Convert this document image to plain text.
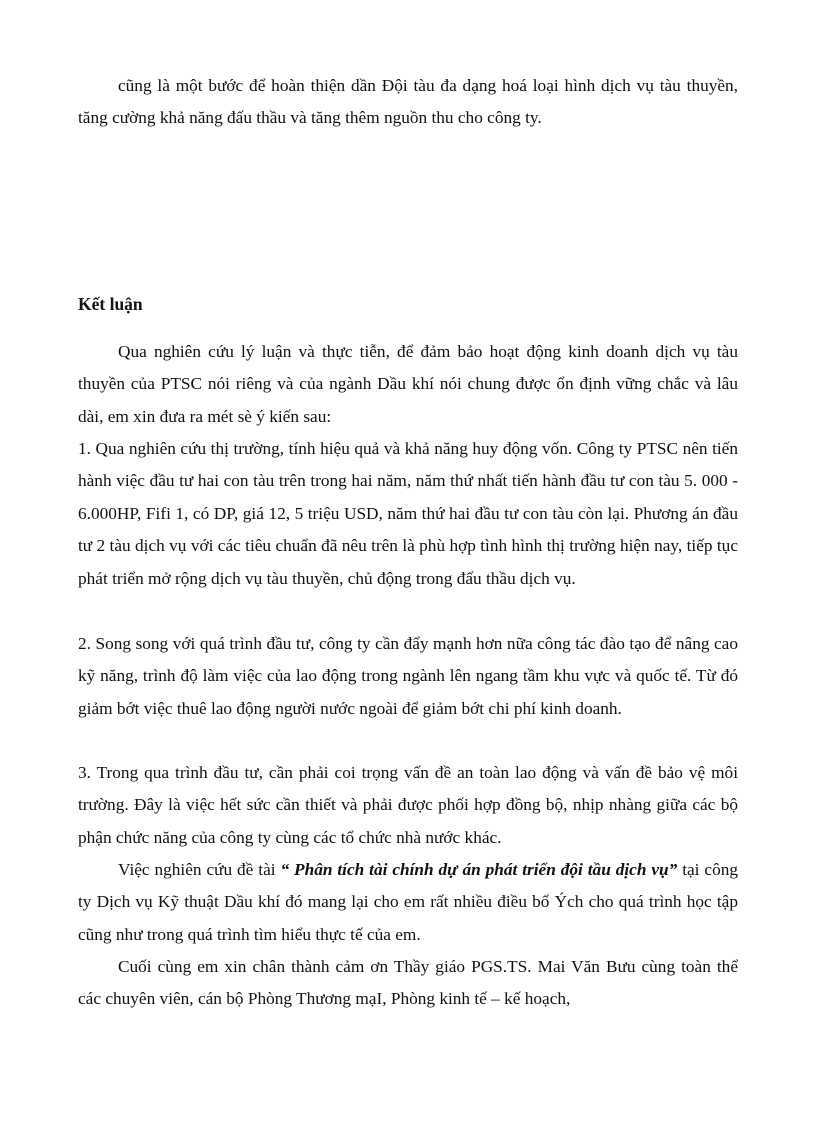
cũng là một bước để hoàn thiện dần Đội tàu đa dạng hoá loại hình dịch vụ tàu thuyền, tăng cường khả năng đấu thầu và tăng thêm nguồn thu cho công ty.

Kết luận

Qua nghiên cứu lý luận và thực tiễn, để đảm bảo hoạt động kinh doanh dịch vụ tàu thuyền của PTSC nói riêng và của ngành Dầu khí nói chung được ổn định vững chắc và lâu dài, em xin đưa ra mét sè ý kiến sau:

1. Qua nghiên cứu thị trường, tính hiệu quả và khả năng huy động vốn. Công ty PTSC nên tiến hành việc đầu tư hai con tàu trên trong hai năm, năm thứ nhất tiến hành đầu tư con tàu 5. 000 - 6.000HP, Fifi 1, có DP, giá 12, 5 triệu USD, năm thứ hai đầu tư con tàu còn lại. Phương án đầu tư 2 tàu dịch vụ với các tiêu chuẩn đã nêu trên là phù hợp tình hình thị trường hiện nay, tiếp tục phát triển mở rộng dịch vụ tàu thuyền, chủ động trong đấu thầu dịch vụ.

2. Song song với quá trình đầu tư, công ty cần đẩy mạnh hơn nữa công tác đào tạo để nâng cao kỹ năng, trình độ làm việc của lao động trong ngành lên ngang tầm khu vực và quốc tế. Từ đó giảm bớt việc thuê lao động người nước ngoài để giảm bớt chi phí kinh doanh.

3. Trong qua trình đầu tư, cần phải coi trọng vấn đề an toàn lao động và vấn đề bảo vệ môi trường. Đây là việc hết sức cần thiết và phải được phối hợp đồng bộ, nhịp nhàng giữa các bộ phận chức năng của công ty cùng các tổ chức nhà nước khác.

Việc nghiên cứu đề tài “ Phân tích tài chính dự án phát triển đội tầu dịch vụ” tại công ty Dịch vụ Kỹ thuật Dầu khí đó mang lại cho em rất nhiều điều bổ Ých cho quá trình học tập cũng như trong quá trình tìm hiểu thực tế của em.

Cuối cùng em xin chân thành cảm ơn Thầy giáo PGS.TS. Mai Văn Bưu cùng toàn thể các chuyên viên, cán bộ Phòng Thương mạI, Phòng kinh tế – kế hoạch,
